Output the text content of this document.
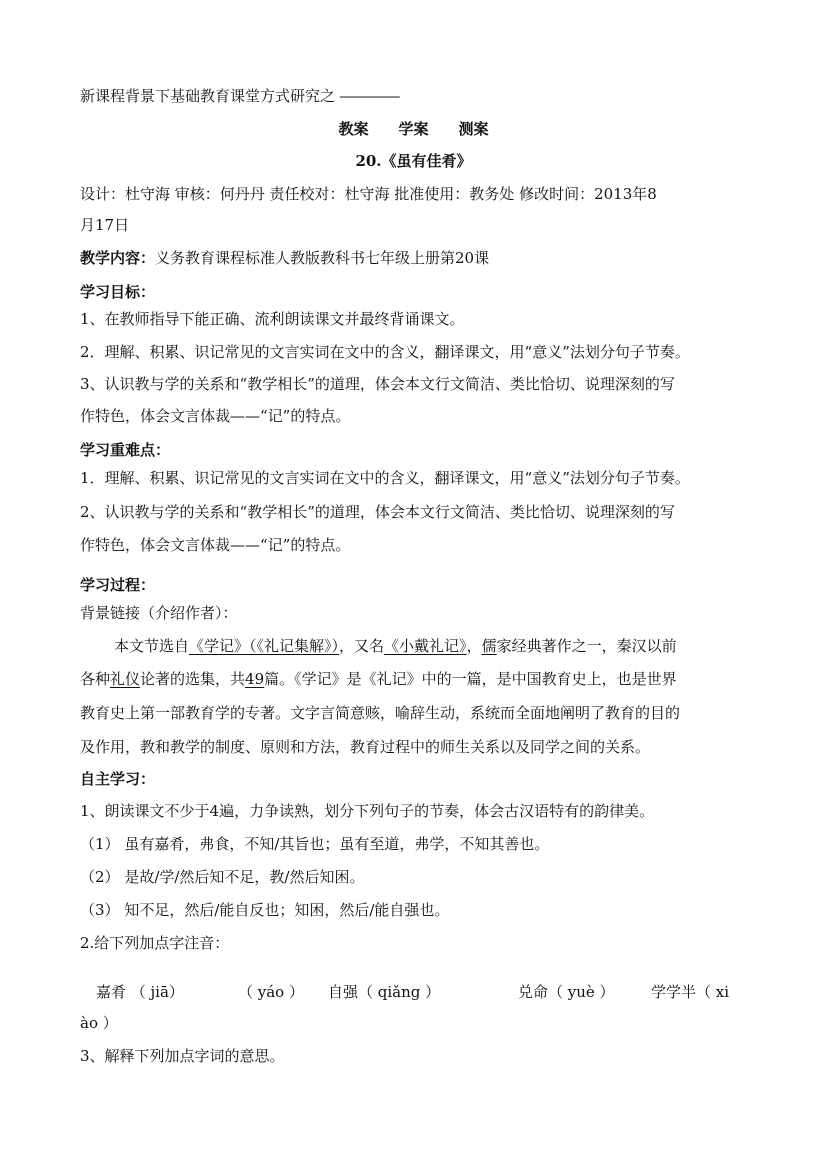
新课程背景下基础教育课堂方式研究之 ――――
教案 学案 测案
20.《虽有佳肴》
设计：杜守海 审核：何丹丹 责任校对：杜守海 批准使用：教务处 修改时间：2013年8
月17日
教学内容：义务教育课程标准人教版教科书七年级上册第20课
学习目标：
1、在教师指导下能正确、流利朗读课文并最终背诵课文。
2．理解、积累、识记常见的文言实词在文中的含义，翻译课文，用“意义”法划分句子节奏。
3、认识教与学的关系和“教学相长”的道理，体会本文行文简洁、类比恰切、说理深刻的写
作特色，体会文言体裁——“记”的特点。
学习重难点：
1．理解、积累、识记常见的文言实词在文中的含义，翻译课文，用“意义”法划分句子节奏。
2、认识教与学的关系和“教学相长”的道理，体会本文行文简洁、类比恰切、说理深刻的写
作特色，体会文言体裁——“记”的特点。
学习过程：
背景链接（介绍作者）：
本文节选自《学记》（《礼记集解》），又名《小戴礼记》，儒家经典著作之一，秦汉以前
各种礼仪论著的选集，共49篇。《学记》是《礼记》中的一篇，是中国教育史上，也是世界
教育史上第一部教育学的专著。文字言简意赅，喻辞生动，系统而全面地阐明了教育的目的
及作用，教和教学的制度、原则和方法，教育过程中的师生关系以及同学之间的关系。
自主学习：
1、朗读课文不少于4遍，力争读熟，划分下列句子的节奏，体会古汉语特有的韵律美。
（1） 虽有嘉肴，弗食，不知/其旨也；虽有至道，弗学，不知其善也。
（2） 是故/学/然后知不足，教/然后知困。
（3） 知不足，然后/能自反也；知困，然后/能自强也。
2.给下列加点字注音：
嘉肴 （ jiā）	（ yáo ） 自强（ qiǎng ）	兑命（ yuè ） 学学半（ xi
ào ）
3、解释下列加点字词的意思。
